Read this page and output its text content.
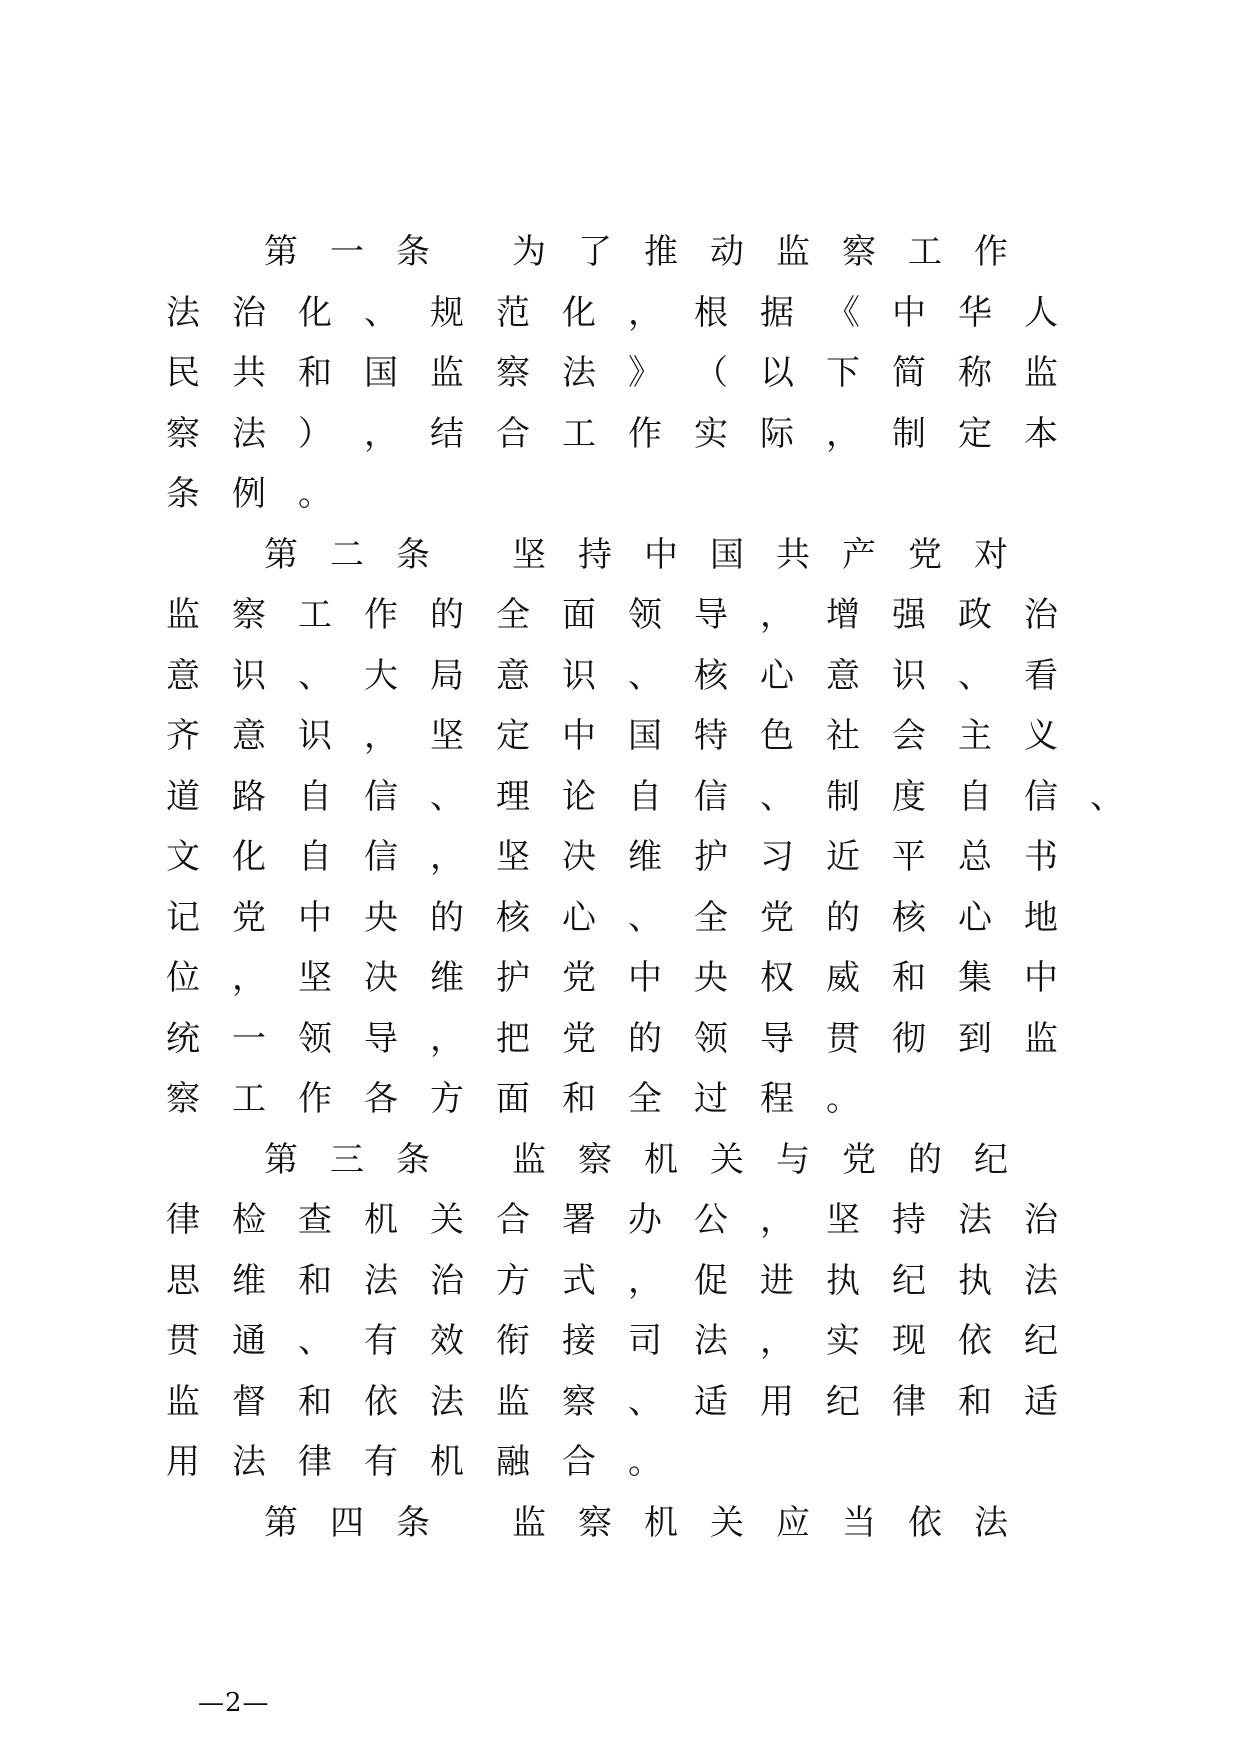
第 一 条	为 了 推 动 监 察 工 作
法 治 化 、 规 范 化 ， 根 据 《 中 华 人
民 共 和 国 监 察 法 》 （ 以 下 简 称 监
察 法 ） ， 结 合 工 作 实 际 ， 制 定 本
条 例 。
第 二 条	坚 持 中 国 共 产 党 对
监 察 工 作 的 全 面 领 导 ， 增 强 政 治
意 识 、 大 局 意 识 、 核 心 意 识 、 看
齐 意 识 ， 坚 定 中 国 特 色 社 会 主 义
道 路 自 信 、 理 论 自 信 、 制 度 自 信 、
文 化 自 信 ， 坚 决 维 护 习 近 平 总 书
记 党 中 央 的 核 心 、 全 党 的 核 心 地
位 ， 坚 决 维 护 党 中 央 权 威 和 集 中
统 一 领 导 ， 把 党 的 领 导 贯 彻 到 监
察 工 作 各 方 面 和 全 过 程 。
第 三 条	监 察 机 关 与 党 的 纪
律 检 查 机 关 合 署 办 公 ， 坚 持 法 治
思 维 和 法 治 方 式 ， 促 进 执 纪 执 法
贯 通 、 有 效 衔 接 司 法 ， 实 现 依 纪
监 督 和 依 法 监 察 、 适 用 纪 律 和 适
用 法 律 有 机 融 合 。
第 四 条	监 察 机 关 应 当 依 法
—2—
